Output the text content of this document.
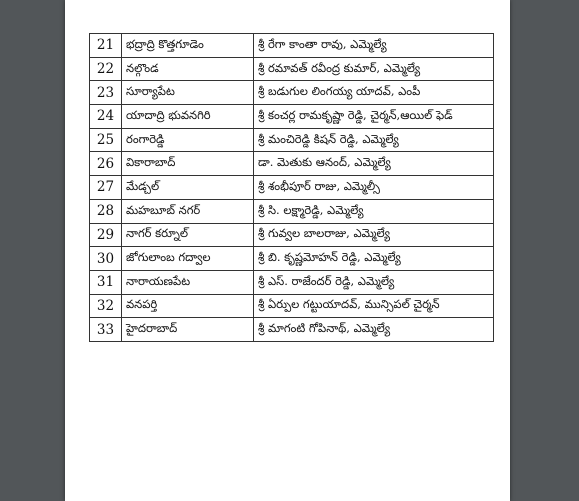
21	భద్రాద్రి కొత్తగూడెం	శ్రీ రేగా కాంతా రావు, ఎమ్మెల్యే
22	నల్గొండ	శ్రీ రమావత్ రవీంద్ర కుమార్, ఎమ్మెల్యే
23	సూర్యాపేట	శ్రీ బడుగుల లింగయ్య యాదవ్, ఎంపీ
24	యాదాద్రి భువనగిరి	శ్రీ కంచర్ల రామకృష్ణా రెడ్డి, చైర్మన్,ఆయిల్ ఫెడ్
25	రంగారెడ్డి	శ్రీ మంచిరెడ్డి కిషన్ రెడ్డి, ఎమ్మెల్యే
26	వికారాబాద్	డా. మెతుకు ఆనంద్, ఎమ్మెల్యే
27	మేడ్చల్	శ్రీ శంభీపూర్ రాజు, ఎమ్మెల్సీ
28	మహబూబ్ నగర్	శ్రీ సి. లక్ష్మారెడ్డి, ఎమ్మెల్యే
29	నాగర్ కర్నూల్	శ్రీ గువ్వల బాలరాజు, ఎమ్మెల్యే
30	జోగులాంబ గద్వాల	శ్రీ బి. కృష్ణమోహన్ రెడ్డి, ఎమ్మెల్యే
31	నారాయణపేట	శ్రీ ఎస్. రాజేందర్ రెడ్డి, ఎమ్మెల్యే
32	వనపర్తి	శ్రీ ఏర్పుల గట్టుయాదవ్, మున్సిపల్ చైర్మన్
33	హైదరాబాద్	శ్రీ మాగంటి గోపినాథ్, ఎమ్మెల్యే
